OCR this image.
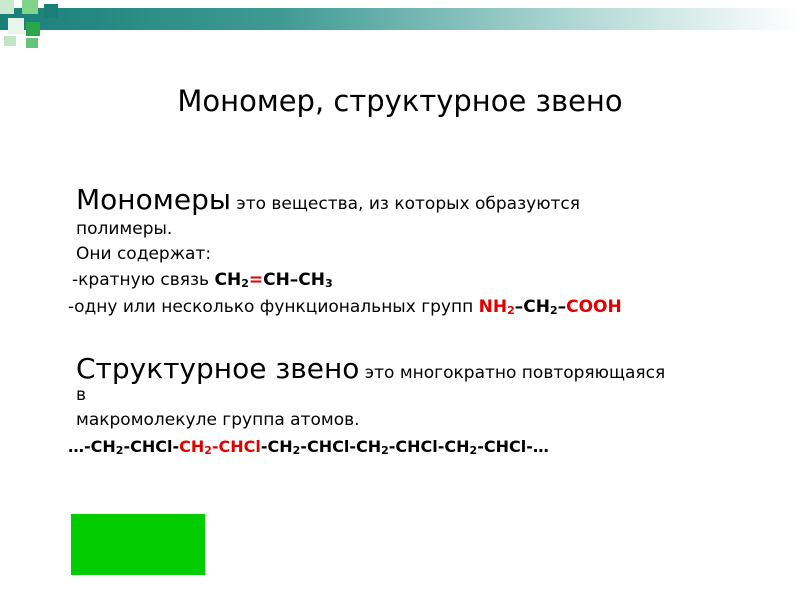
Мономер, структурное звено
Мономеры это вещества, из которых образуются
полимеры.
Они содержат:
-кратную связь $CH_2=CH-CH_3$
-одну или несколько функциональных групп $NH_2-CH_2$–COOH
Структурное звено это многократно повторяющаяся
в
макромолекуле группа атомов.
$\dots-CH_2-CHCl-CH_2-CHCl-CH_2-CHCl-CH_2-CHCl-CH_2-CHCl-\dots$
